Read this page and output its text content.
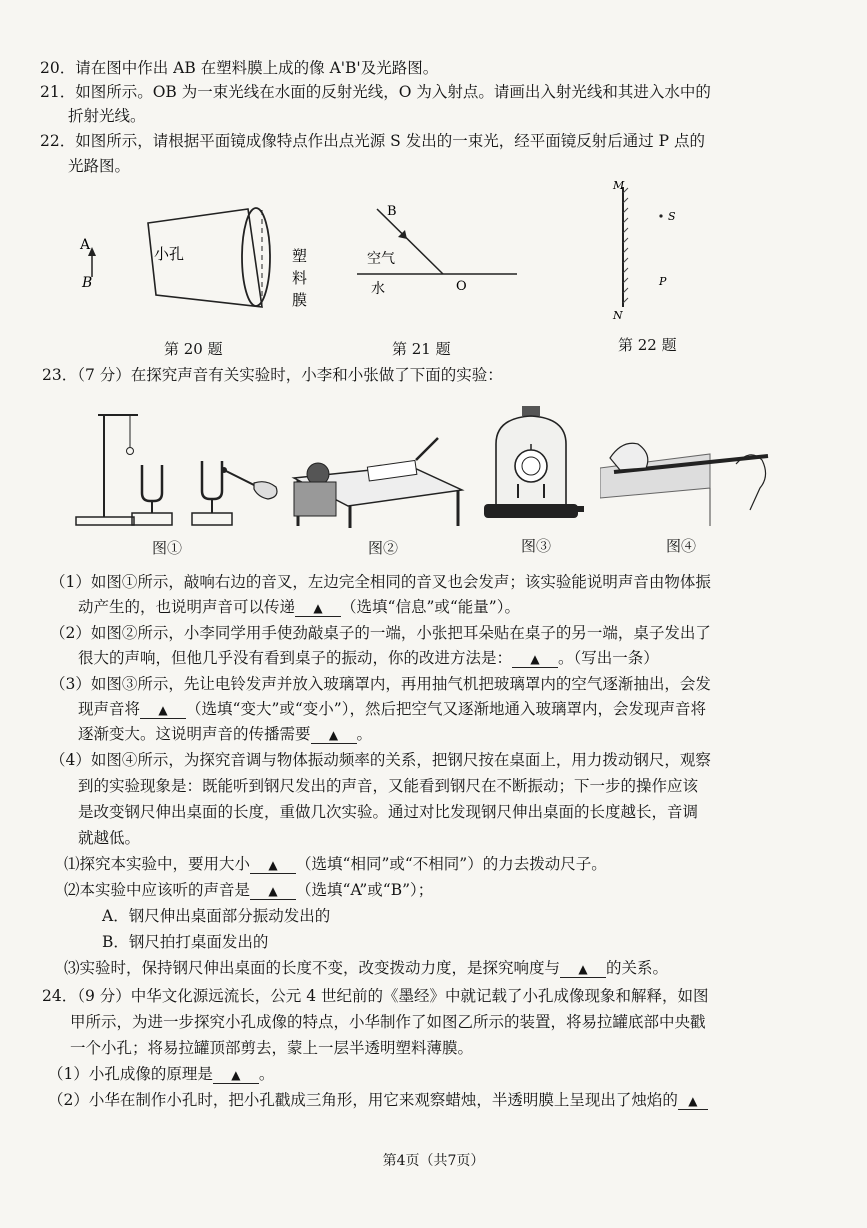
20．请在图中作出 AB 在塑料膜上成的像 A'B'及光路图。
21．如图所示。OB 为一束光线在水面的反射光线，O 为入射点。请画出入射光线和其进入水中的
折射光线。
22．如图所示，请根据平面镜成像特点作出点光源 S 发出的一束光，经平面镜反射后通过 P 点的
光路图。
A
B
小孔	塑
料
膜
第 20 题
B
空气
水	O
第 21 题
M
N
S
P
第 22 题
23．（7 分）在探究声音有关实验时，小李和小张做了下面的实验：
图①	图②	图③	图④
（1）如图①所示，敲响右边的音叉，左边完全相同的音叉也会发声；该实验能说明声音由物体振
动产生的，也说明声音可以传递 ▲ （选填“信息”或“能量”）。
（2）如图②所示，小李同学用手使劲敲桌子的一端，小张把耳朵贴在桌子的另一端，桌子发出了
很大的声响，但他几乎没有看到桌子的振动，你的改进方法是： ▲ 。（写出一条）
（3）如图③所示，先让电铃发声并放入玻璃罩内，再用抽气机把玻璃罩内的空气逐渐抽出，会发
现声音将 ▲ （选填“变大”或“变小”），然后把空气又逐渐地通入玻璃罩内，会发现声音将
逐渐变大。这说明声音的传播需要 ▲ 。
（4）如图④所示，为探究音调与物体振动频率的关系，把钢尺按在桌面上，用力拨动钢尺，观察
到的实验现象是：既能听到钢尺发出的声音，又能看到钢尺在不断振动；下一步的操作应该
是改变钢尺伸出桌面的长度，重做几次实验。通过对比发现钢尺伸出桌面的长度越长，音调
就越低。
⑴探究本实验中，要用大小 ▲ （选填“相同”或“不相同”）的力去拨动尺子。
⑵本实验中应该听的声音是 ▲ （选填“A”或“B”）；
A．钢尺伸出桌面部分振动发出的
B．钢尺拍打桌面发出的
⑶实验时，保持钢尺伸出桌面的长度不变，改变拨动力度，是探究响度与 ▲ 的关系。
24．（9 分）中华文化源远流长，公元 4 世纪前的《墨经》中就记载了小孔成像现象和解释，如图
甲所示，为进一步探究小孔成像的特点，小华制作了如图乙所示的装置，将易拉罐底部中央戳
一个小孔；将易拉罐顶部剪去，蒙上一层半透明塑料薄膜。
（1）小孔成像的原理是 ▲ 。
（2）小华在制作小孔时，把小孔戳成三角形，用它来观察蜡烛，半透明膜上呈现出了烛焰的 ▲
第4页（共7页）
